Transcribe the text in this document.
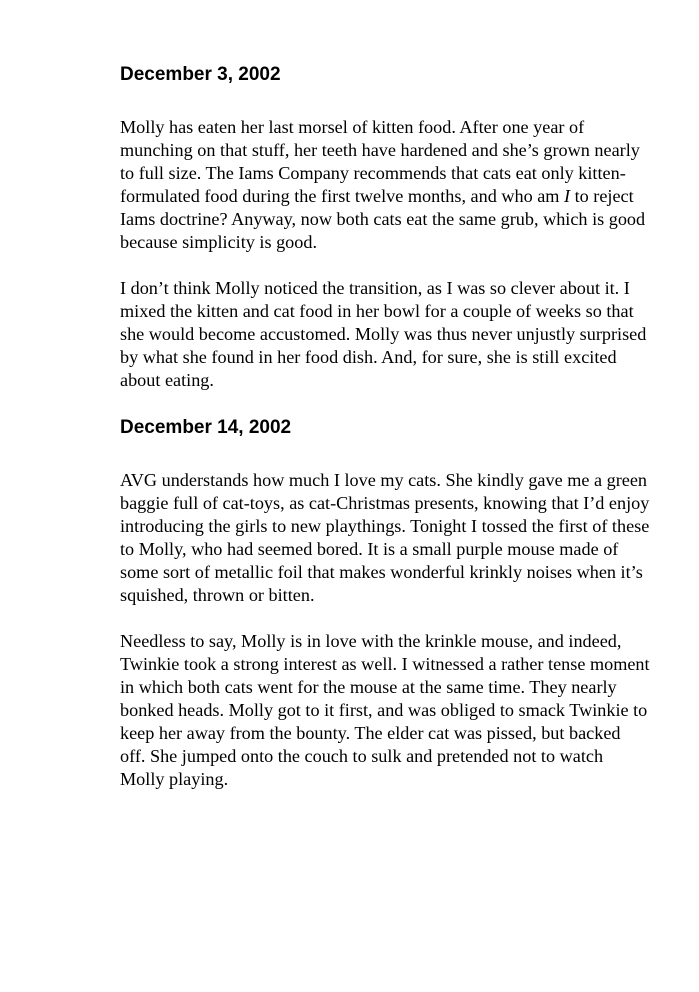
December 3, 2002

Molly has eaten her last morsel of kitten food. After one year of munching on that stuff, her teeth have hardened and she’s grown nearly to full size. The Iams Company recommends that cats eat only kitten-formulated food during the first twelve months, and who am I to reject Iams doctrine? Anyway, now both cats eat the same grub, which is good because simplicity is good.

I don’t think Molly noticed the transition, as I was so clever about it. I mixed the kitten and cat food in her bowl for a couple of weeks so that she would become accustomed. Molly was thus never unjustly surprised by what she found in her food dish. And, for sure, she is still excited about eating.

December 14, 2002

AVG understands how much I love my cats. She kindly gave me a green baggie full of cat-toys, as cat-Christmas presents, knowing that I’d enjoy introducing the girls to new playthings. Tonight I tossed the first of these to Molly, who had seemed bored. It is a small purple mouse made of some sort of metallic foil that makes wonderful krinkly noises when it’s squished, thrown or bitten.

Needless to say, Molly is in love with the krinkle mouse, and indeed, Twinkie took a strong interest as well. I witnessed a rather tense moment in which both cats went for the mouse at the same time. They nearly bonked heads. Molly got to it first, and was obliged to smack Twinkie to keep her away from the bounty. The elder cat was pissed, but backed off. She jumped onto the couch to sulk and pretended not to watch Molly playing.
